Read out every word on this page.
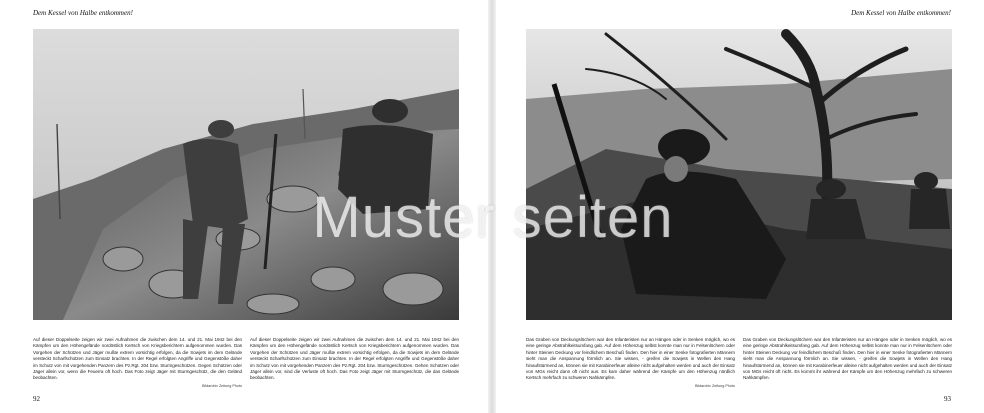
Dem Kessel von Halbe entkommen!
Auf dieser Doppelseite zeigen wir zwei Aufnahmen die zwischen dem 14. und 21. Mai 1942 bei den Kämpfen um den Höhengefände nordöstlich Kertsch von Kriegsberichtern aufgenommen wurden. Das Vorgehen der Schützen und Jäger mußte extrem vorsichtig erfolgen, da die Sowjets im dem Gelände versteckt Scharfschützen zum Einsatz brachten. In der Regel erfolgten Angriffe und Gegenstöße daher im Schutz von mit vorgehenden Panzern des Pz.Rgt. 204 bzw. Sturmgeschützen. Gegen Schützen oder Jäger allein vor, wenn die Feuerra oft hoch. Das Foto zeigt Jäger mit Sturmgeschütz, die den Geländ beobachten.
Bildarchiv Zeitung Photo
Auf dieser Doppelseite zeigen wir zwei Aufnahmen die zwischen dem 14. und 21. Mai 1942 bei den Kämpfen um den Höhengefände nordöstlich Kertsch von Kriegsberichtern aufgenommen wurden. Das Vorgehen der Schützen und Jäger mußte extrem vorsichtig erfolgen, da die Sowjets im dem Gelände versteckt Scharfschützen zum Einsatz brachten. In der Regel erfolgten Angriffe und Gegenstöße daher im Schutz von mit vorgehenden Panzern des Pz.Rgt. 204 bzw. Sturmgeschützen. Gehen Schützen oder Jäger allein vor, sind die Verluste oft hoch. Das Foto zeigt Jäger mit Sturmgeschütz, die das Gelände beobachten.
92
Dem Kessel von Halbe entkommen!
Das Graben von Deckungslöchern war den Infanteristen nur an Hängen oder in Senken möglich, wo es eine geringe Abstrahlkeitsumfang gab. Auf dem Höhenzug selbst konnte man nur in Felsenlöchern oder hinter Steinen Deckung vor feindlichem Beschuß finden. Den hier in einer Senke fotografierten Männern sieht man die Anspannung förmlich an. Sie wissen, - greifen die Sowjets in Wellen den Hang hinaufstürmend an, können sie mit Karabinerfeuer alleine nicht aufgehalten werden und auch der Einsatz von MGs reicht dann oft nicht aus. Es kam daher während der Kämpfe um den Höhenzug nördlich Kertsch mehrfach zu schweren Nahkämpfen.
Bildarchiv Zeitung Photo
Das Graben von Deckungslöchern war den Infanteristen nur an Hängen oder in Senken möglich, wo es eine geringe Abstrahlkeitsumfang gab. Auf dem Höhenzug selbst konnte man nur in Felsenlöchern oder hinter Steinen Deckung vor feindlichem Beschuß finden. Den hier in einer Senke fotografierten Männern sieht man die Anspannung förmlich an. Sie wissen, - greifen die Sowjets in Wellen den Hang hinaufstürmend an, können sie mit Karabinerfeuer alleine nicht aufgehalten werden und auch der Einsatz von MGs reicht oft nicht. Es kommt ihr während der Kämpfe um den Höhenzug mehrfach zu schweren Nahkämpfen.
93
Muster seiten
